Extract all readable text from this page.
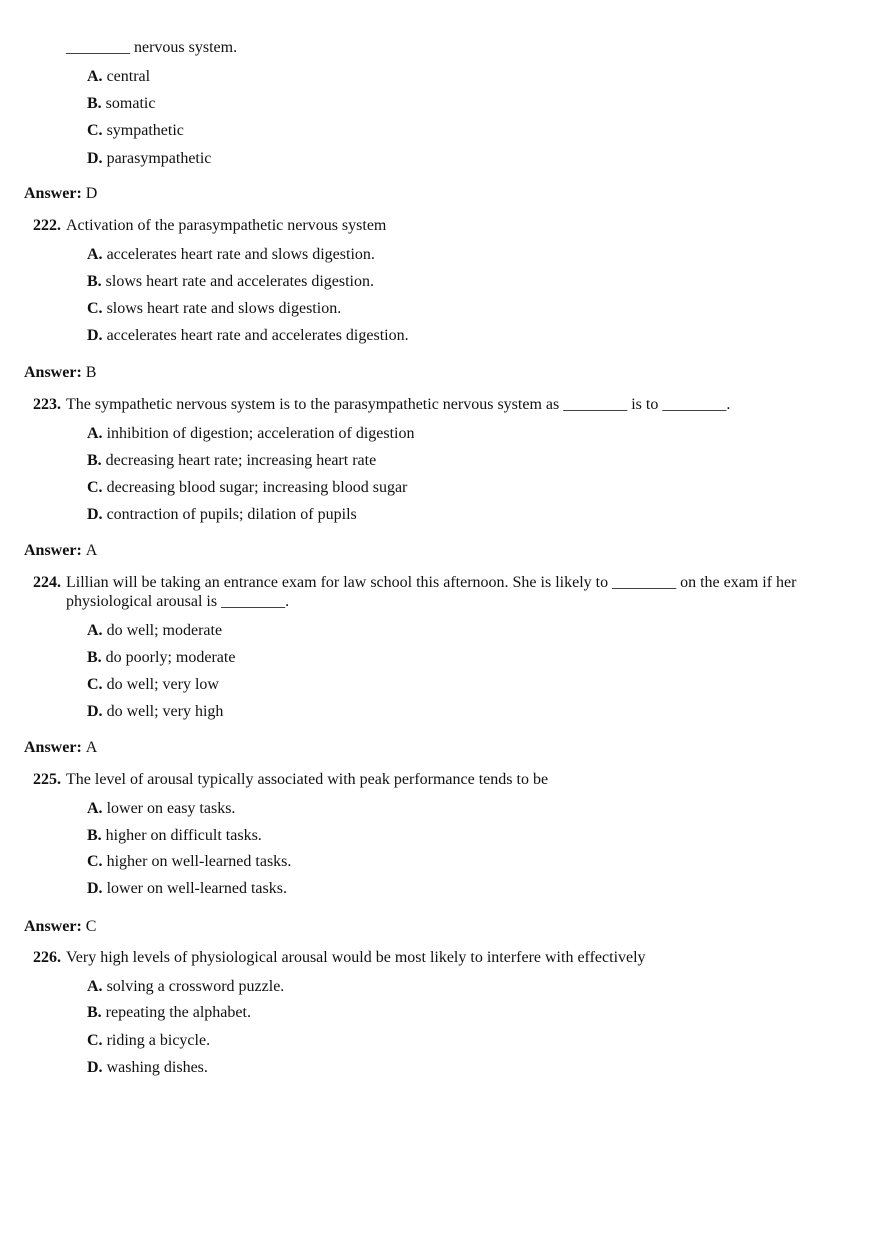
________ nervous system.
A. central
B. somatic
C. sympathetic
D. parasympathetic
Answer: D
222. Activation of the parasympathetic nervous system
A. accelerates heart rate and slows digestion.
B. slows heart rate and accelerates digestion.
C. slows heart rate and slows digestion.
D. accelerates heart rate and accelerates digestion.
Answer: B
223. The sympathetic nervous system is to the parasympathetic nervous system as ________ is to ________.
A. inhibition of digestion; acceleration of digestion
B. decreasing heart rate; increasing heart rate
C. decreasing blood sugar; increasing blood sugar
D. contraction of pupils; dilation of pupils
Answer: A
224. Lillian will be taking an entrance exam for law school this afternoon. She is likely to ________ on the exam if her physiological arousal is ________.
A. do well; moderate
B. do poorly; moderate
C. do well; very low
D. do well; very high
Answer: A
225. The level of arousal typically associated with peak performance tends to be
A. lower on easy tasks.
B. higher on difficult tasks.
C. higher on well-learned tasks.
D. lower on well-learned tasks.
Answer: C
226. Very high levels of physiological arousal would be most likely to interfere with effectively
A. solving a crossword puzzle.
B. repeating the alphabet.
C. riding a bicycle.
D. washing dishes.
